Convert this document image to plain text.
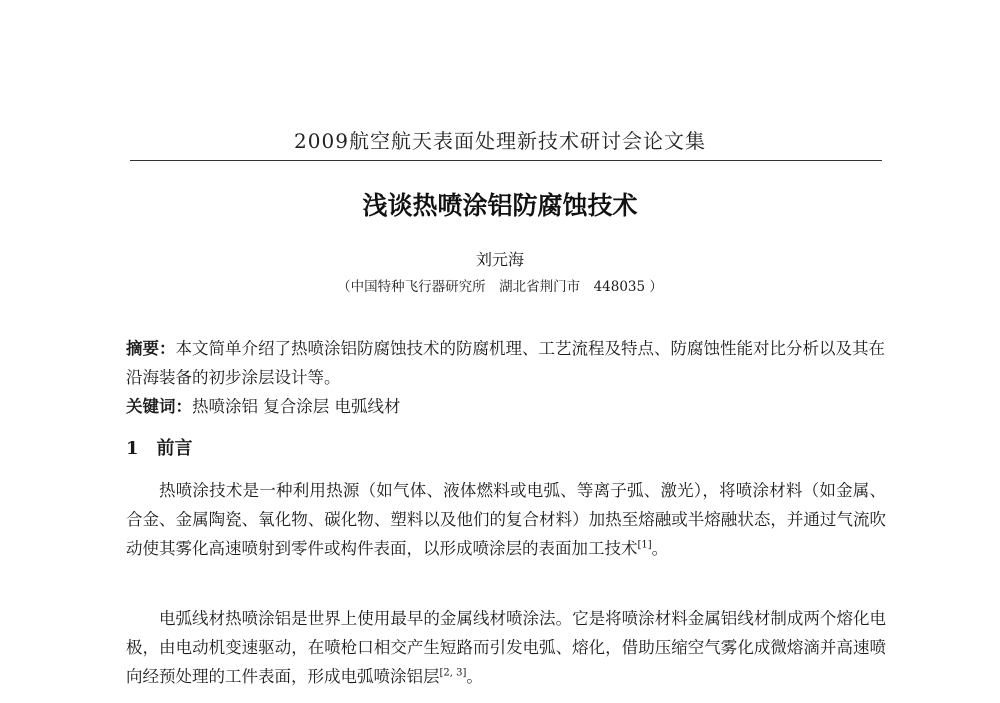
2009航空航天表面处理新技术研讨会论文集
浅谈热喷涂铝防腐蚀技术
刘元海
（中国特种飞行器研究所　湖北省荆门市　448035 ）
摘要：本文简单介绍了热喷涂铝防腐蚀技术的防腐机理、工艺流程及特点、防腐蚀性能对比分析以及其在沿海装备的初步涂层设计等。
关键词：热喷涂铝 复合涂层 电弧线材
1 前言
热喷涂技术是一种利用热源（如气体、液体燃料或电弧、等离子弧、激光），将喷涂材料（如金属、合金、金属陶瓷、氧化物、碳化物、塑料以及他们的复合材料）加热至熔融或半熔融状态，并通过气流吹动使其雾化高速喷射到零件或构件表面，以形成喷涂层的表面加工技术[1]。
电弧线材热喷涂铝是世界上使用最早的金属线材喷涂法。它是将喷涂材料金属铝线材制成两个熔化电极，由电动机变速驱动，在喷枪口相交产生短路而引发电弧、熔化，借助压缩空气雾化成微熔滴并高速喷向经预处理的工件表面，形成电弧喷涂铝层[2, 3]。
